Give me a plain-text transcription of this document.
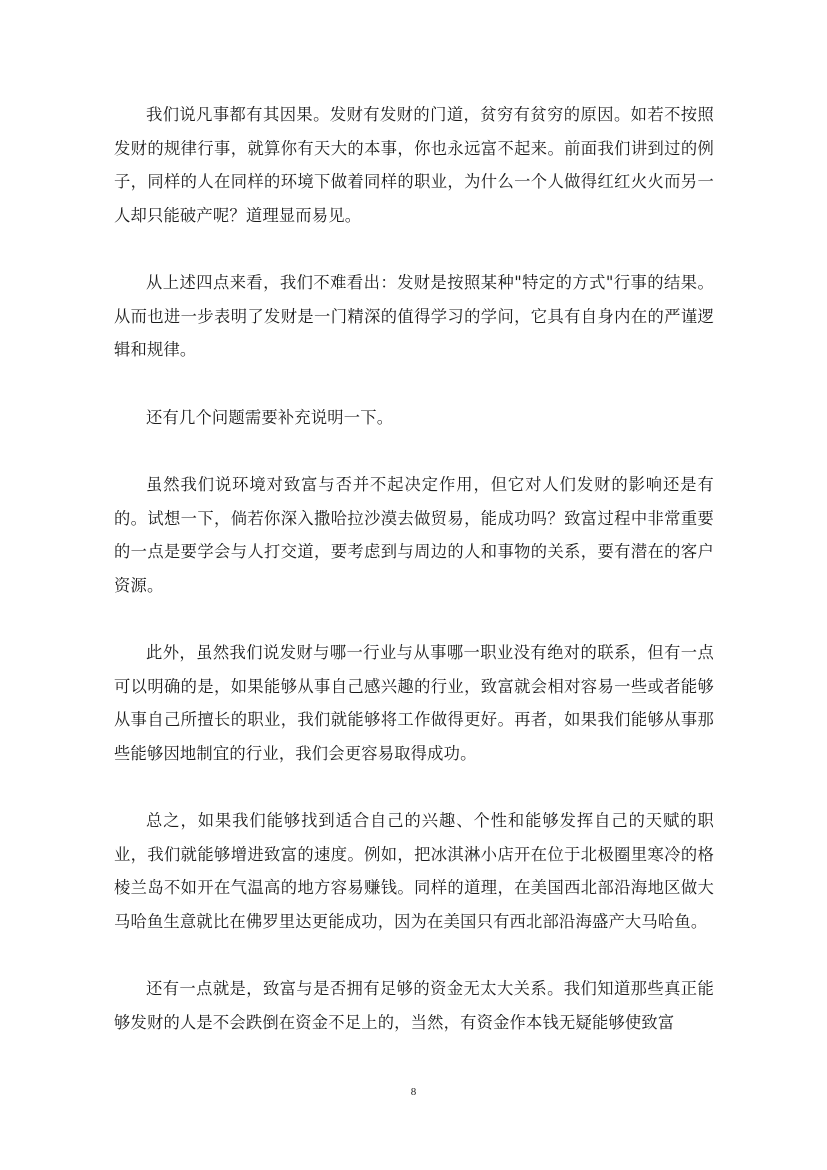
我们说凡事都有其因果。发财有发财的门道，贫穷有贫穷的原因。如若不按照发财的规律行事，就算你有天大的本事，你也永远富不起来。前面我们讲到过的例子，同样的人在同样的环境下做着同样的职业，为什么一个人做得红红火火而另一人却只能破产呢？道理显而易见。

从上述四点来看，我们不难看出：发财是按照某种"特定的方式"行事的结果。从而也进一步表明了发财是一门精深的值得学习的学问，它具有自身内在的严谨逻辑和规律。

还有几个问题需要补充说明一下。

虽然我们说环境对致富与否并不起决定作用，但它对人们发财的影响还是有的。试想一下，倘若你深入撒哈拉沙漠去做贸易，能成功吗？致富过程中非常重要的一点是要学会与人打交道，要考虑到与周边的人和事物的关系，要有潜在的客户资源。

此外，虽然我们说发财与哪一行业与从事哪一职业没有绝对的联系，但有一点可以明确的是，如果能够从事自己感兴趣的行业，致富就会相对容易一些或者能够从事自己所擅长的职业，我们就能够将工作做得更好。再者，如果我们能够从事那些能够因地制宜的行业，我们会更容易取得成功。

总之，如果我们能够找到适合自己的兴趣、个性和能够发挥自己的天赋的职业，我们就能够增进致富的速度。例如，把冰淇淋小店开在位于北极圈里寒冷的格棱兰岛不如开在气温高的地方容易赚钱。同样的道理，在美国西北部沿海地区做大马哈鱼生意就比在佛罗里达更能成功，因为在美国只有西北部沿海盛产大马哈鱼。

还有一点就是，致富与是否拥有足够的资金无太大关系。我们知道那些真正能够发财的人是不会跌倒在资金不足上的，当然，有资金作本钱无疑能够使致富

8
